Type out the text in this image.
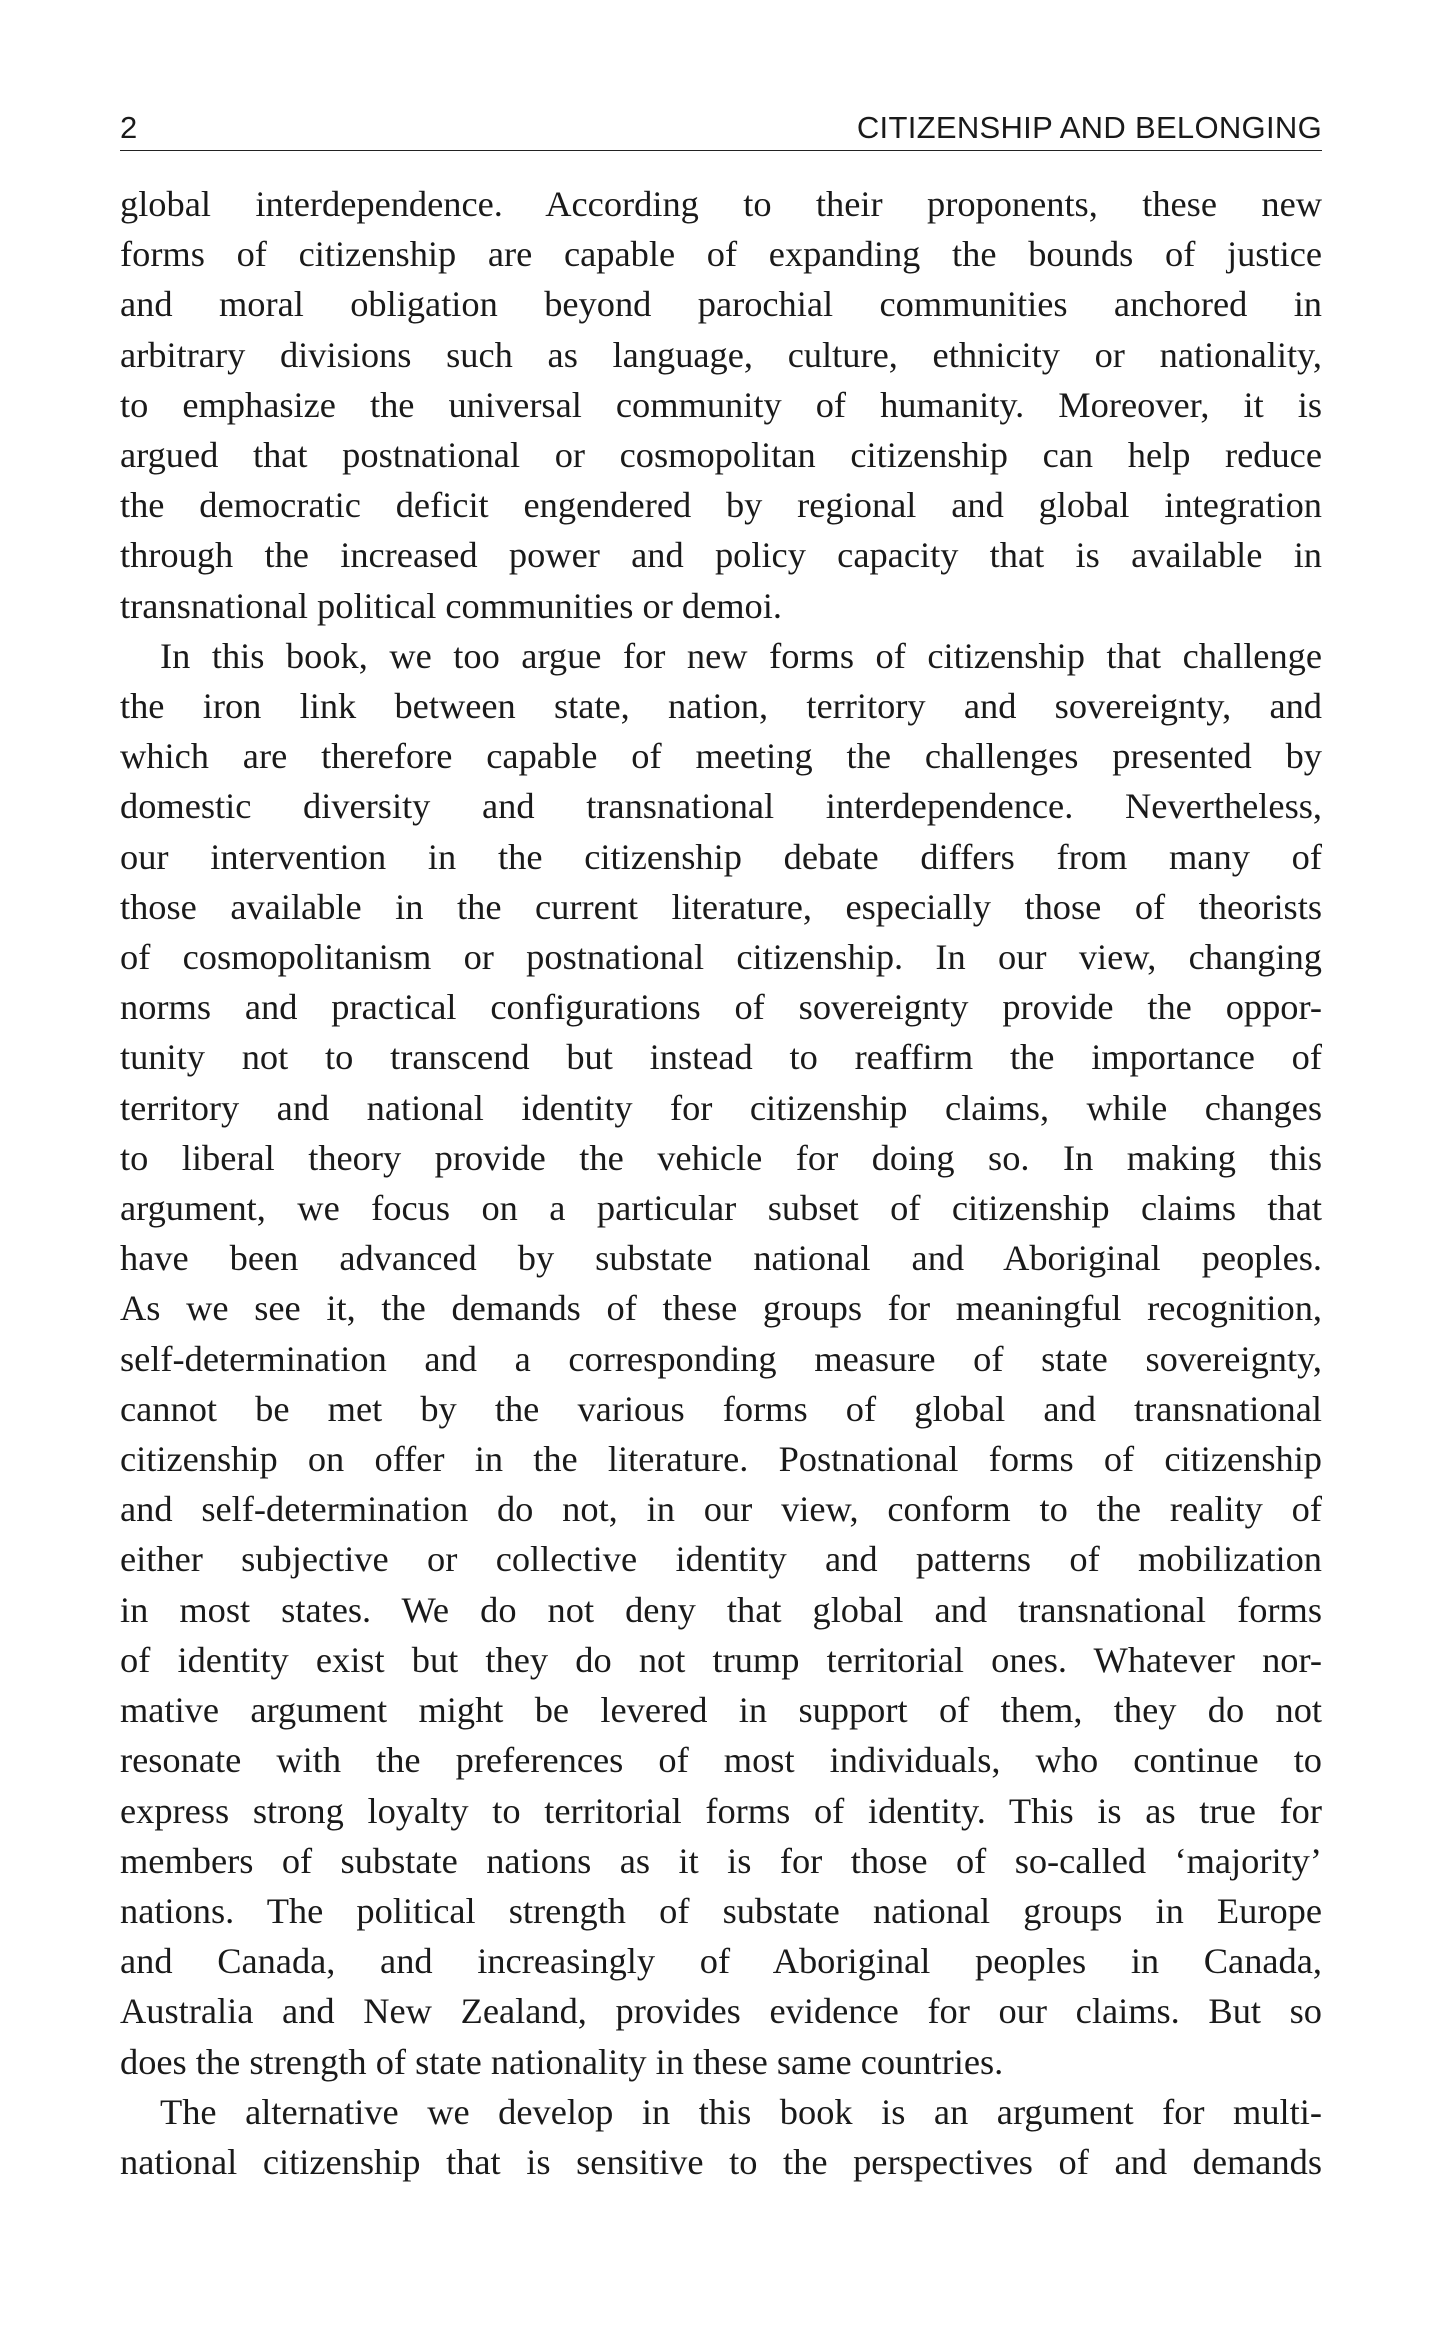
2	CITIZENSHIP AND BELONGING
global interdependence. According to their proponents, these new
forms of citizenship are capable of expanding the bounds of justice
and moral obligation beyond parochial communities anchored in
arbitrary divisions such as language, culture, ethnicity or nationality,
to emphasize the universal community of humanity. Moreover, it is
argued that postnational or cosmopolitan citizenship can help reduce
the democratic deficit engendered by regional and global integration
through the increased power and policy capacity that is available in
transnational political communities or demoi.
In this book, we too argue for new forms of citizenship that challenge
the iron link between state, nation, territory and sovereignty, and
which are therefore capable of meeting the challenges presented by
domestic diversity and transnational interdependence. Nevertheless,
our intervention in the citizenship debate differs from many of
those available in the current literature, especially those of theorists
of cosmopolitanism or postnational citizenship. In our view, changing
norms and practical configurations of sovereignty provide the oppor-
tunity not to transcend but instead to reaffirm the importance of
territory and national identity for citizenship claims, while changes
to liberal theory provide the vehicle for doing so. In making this
argument, we focus on a particular subset of citizenship claims that
have been advanced by substate national and Aboriginal peoples.
As we see it, the demands of these groups for meaningful recognition,
self-determination and a corresponding measure of state sovereignty,
cannot be met by the various forms of global and transnational
citizenship on offer in the literature. Postnational forms of citizenship
and self-determination do not, in our view, conform to the reality of
either subjective or collective identity and patterns of mobilization
in most states. We do not deny that global and transnational forms
of identity exist but they do not trump territorial ones. Whatever nor-
mative argument might be levered in support of them, they do not
resonate with the preferences of most individuals, who continue to
express strong loyalty to territorial forms of identity. This is as true for
members of substate nations as it is for those of so-called ‘majority’
nations. The political strength of substate national groups in Europe
and Canada, and increasingly of Aboriginal peoples in Canada,
Australia and New Zealand, provides evidence for our claims. But so
does the strength of state nationality in these same countries.
The alternative we develop in this book is an argument for multi-
national citizenship that is sensitive to the perspectives of and demands
